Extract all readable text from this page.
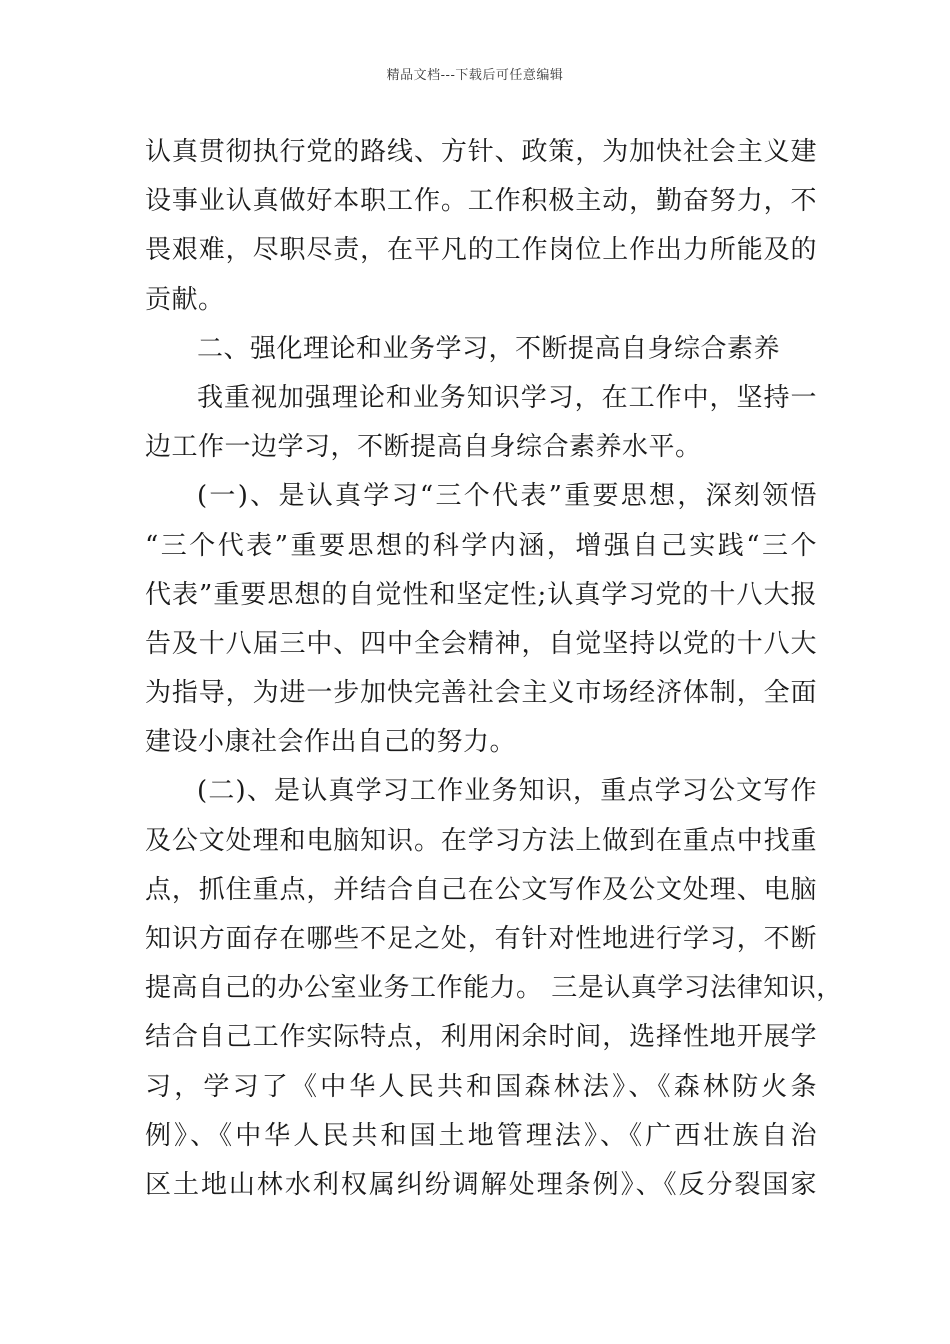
精品文档---下载后可任意编辑
认真贯彻执行党的路线、方针、政策，为加快社会主义建
设事业认真做好本职工作。工作积极主动，勤奋努力，不
畏艰难，尽职尽责，在平凡的工作岗位上作出力所能及的
贡献。
二、强化理论和业务学习，不断提高自身综合素养
我重视加强理论和业务知识学习，在工作中，坚持一
边工作一边学习，不断提高自身综合素养水平。
(一)、是认真学习“三个代表”重要思想，深刻领悟
“三个代表”重要思想的科学内涵，增强自己实践“三个
代表”重要思想的自觉性和坚定性;认真学习党的十八大报
告及十八届三中、四中全会精神，自觉坚持以党的十八大
为指导，为进一步加快完善社会主义市场经济体制，全面
建设小康社会作出自己的努力。
(二)、是认真学习工作业务知识，重点学习公文写作
及公文处理和电脑知识。在学习方法上做到在重点中找重
点，抓住重点，并结合自己在公文写作及公文处理、电脑
知识方面存在哪些不足之处，有针对性地进行学习，不断
提高自己的办公室业务工作能力。 三是认真学习法律知识，
结合自己工作实际特点，利用闲余时间，选择性地开展学
习，学习了《中华人民共和国森林法》、《森林防火条
例》、《中华人民共和国土地管理法》、《广西壮族自治
区土地山林水利权属纠纷调解处理条例》、《反分裂国家
